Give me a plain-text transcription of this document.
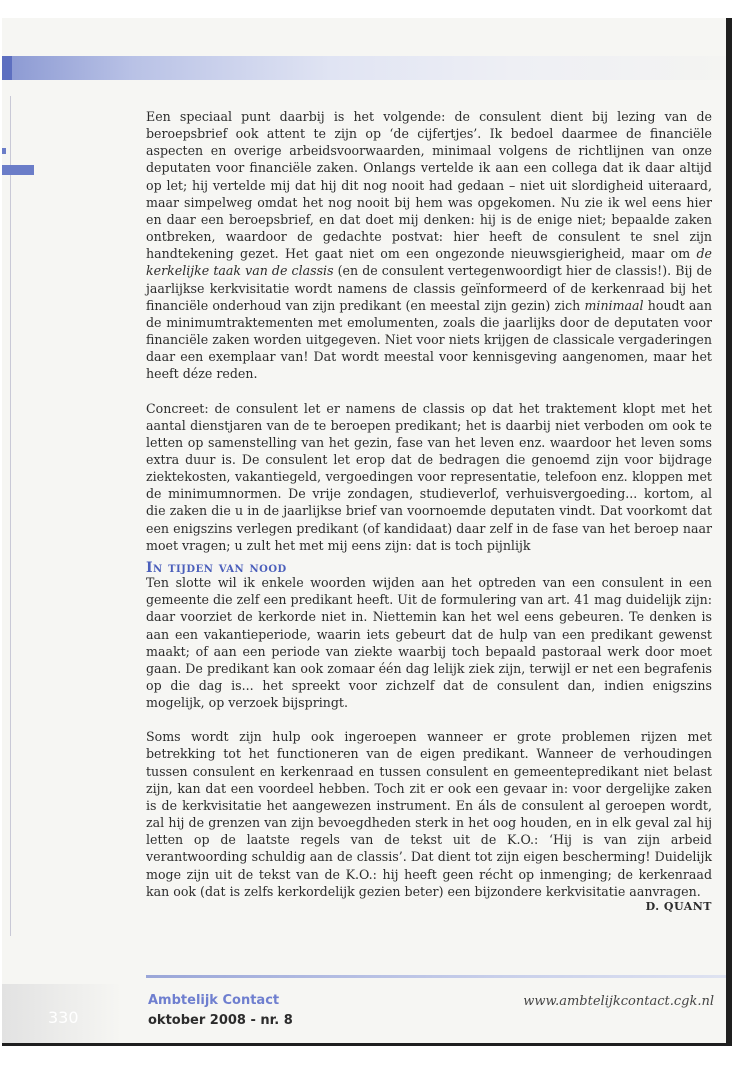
Een speciaal punt daarbij is het volgende: de consulent dient bij lezing van de beroepsbrief ook attent te zijn op ‘de cijfertjes’. Ik bedoel daarmee de financiële aspecten en overige arbeidsvoorwaarden, minimaal volgens de richtlijnen van onze deputaten voor financiële zaken. Onlangs vertelde ik aan een collega dat ik daar altijd op let; hij vertelde mij dat hij dit nog nooit had gedaan – niet uit slordigheid uiteraard, maar simpelweg omdat het nog nooit bij hem was opgekomen. Nu zie ik wel eens hier en daar een beroepsbrief, en dat doet mij denken: hij is de enige niet; bepaalde zaken ontbreken, waardoor de gedachte postvat: hier heeft de consulent te snel zijn handtekening gezet. Het gaat niet om een ongezonde nieuwsgierigheid, maar om de kerkelijke taak van de classis (en de consulent vertegenwoordigt hier de classis!). Bij de jaarlijkse kerkvisitatie wordt namens de classis geïnformeerd of de kerkenraad bij het financiële onderhoud van zijn predikant (en meestal zijn gezin) zich minimaal houdt aan de minimumtraktementen met emolumenten, zoals die jaarlijks door de deputaten voor financiële zaken worden uitgegeven. Niet voor niets krijgen de classicale vergaderingen daar een exemplaar van! Dat wordt meestal voor kennisgeving aangenomen, maar het heeft déze reden.

Concreet: de consulent let er namens de classis op dat het traktement klopt met het aantal dienstjaren van de te beroepen predikant; het is daarbij niet verboden om ook te letten op samenstelling van het gezin, fase van het leven enz. waardoor het leven soms extra duur is. De consulent let erop dat de bedragen die genoemd zijn voor bijdrage ziektekosten, vakantiegeld, vergoedingen voor representatie, telefoon enz. kloppen met de minimumnormen. De vrije zondagen, studieverlof, verhuisvergoeding... kortom, al die zaken die u in de jaarlijkse brief van voornoemde deputaten vindt. Dat voorkomt dat een enigszins verlegen predikant (of kandidaat) daar zelf in de fase van het beroep naar moet vragen; u zult het met mij eens zijn: dat is toch pijnlijk

In tijden van nood

Ten slotte wil ik enkele woorden wijden aan het optreden van een consulent in een gemeente die zelf een predikant heeft. Uit de formulering van art. 41 mag duidelijk zijn: daar voorziet de kerkorde niet in. Niettemin kan het wel eens gebeuren. Te denken is aan een vakantieperiode, waarin iets gebeurt dat de hulp van een predikant gewenst maakt; of aan een periode van ziekte waarbij toch bepaald pastoraal werk door moet gaan. De predikant kan ook zomaar één dag lelijk ziek zijn, terwijl er net een begrafenis op die dag is... het spreekt voor zichzelf dat de consulent dan, indien enigszins mogelijk, op verzoek bijspringt.

Soms wordt zijn hulp ook ingeroepen wanneer er grote problemen rijzen met betrekking tot het functioneren van de eigen predikant. Wanneer de verhoudingen tussen consulent en kerkenraad en tussen consulent en gemeentepredikant niet belast zijn, kan dat een voordeel hebben. Toch zit er ook een gevaar in: voor dergelijke zaken is de kerkvisitatie het aangewezen instrument. En áls de consulent al geroepen wordt, zal hij de grenzen van zijn bevoegdheden sterk in het oog houden, en in elk geval zal hij letten op de laatste regels van de tekst uit de K.O.: ‘Hij is van zijn arbeid verantwoording schuldig aan de classis’. Dat dient tot zijn eigen bescherming! Duidelijk moge zijn uit de tekst van de K.O.: hij heeft geen récht op inmenging; de kerkenraad kan ook (dat is zelfs kerkordelijk gezien beter) een bijzondere kerkvisitatie aanvragen.

D. QUANT

330
Ambtelijk Contact
oktober 2008 - nr. 8
www.ambtelijkcontact.cgk.nl
